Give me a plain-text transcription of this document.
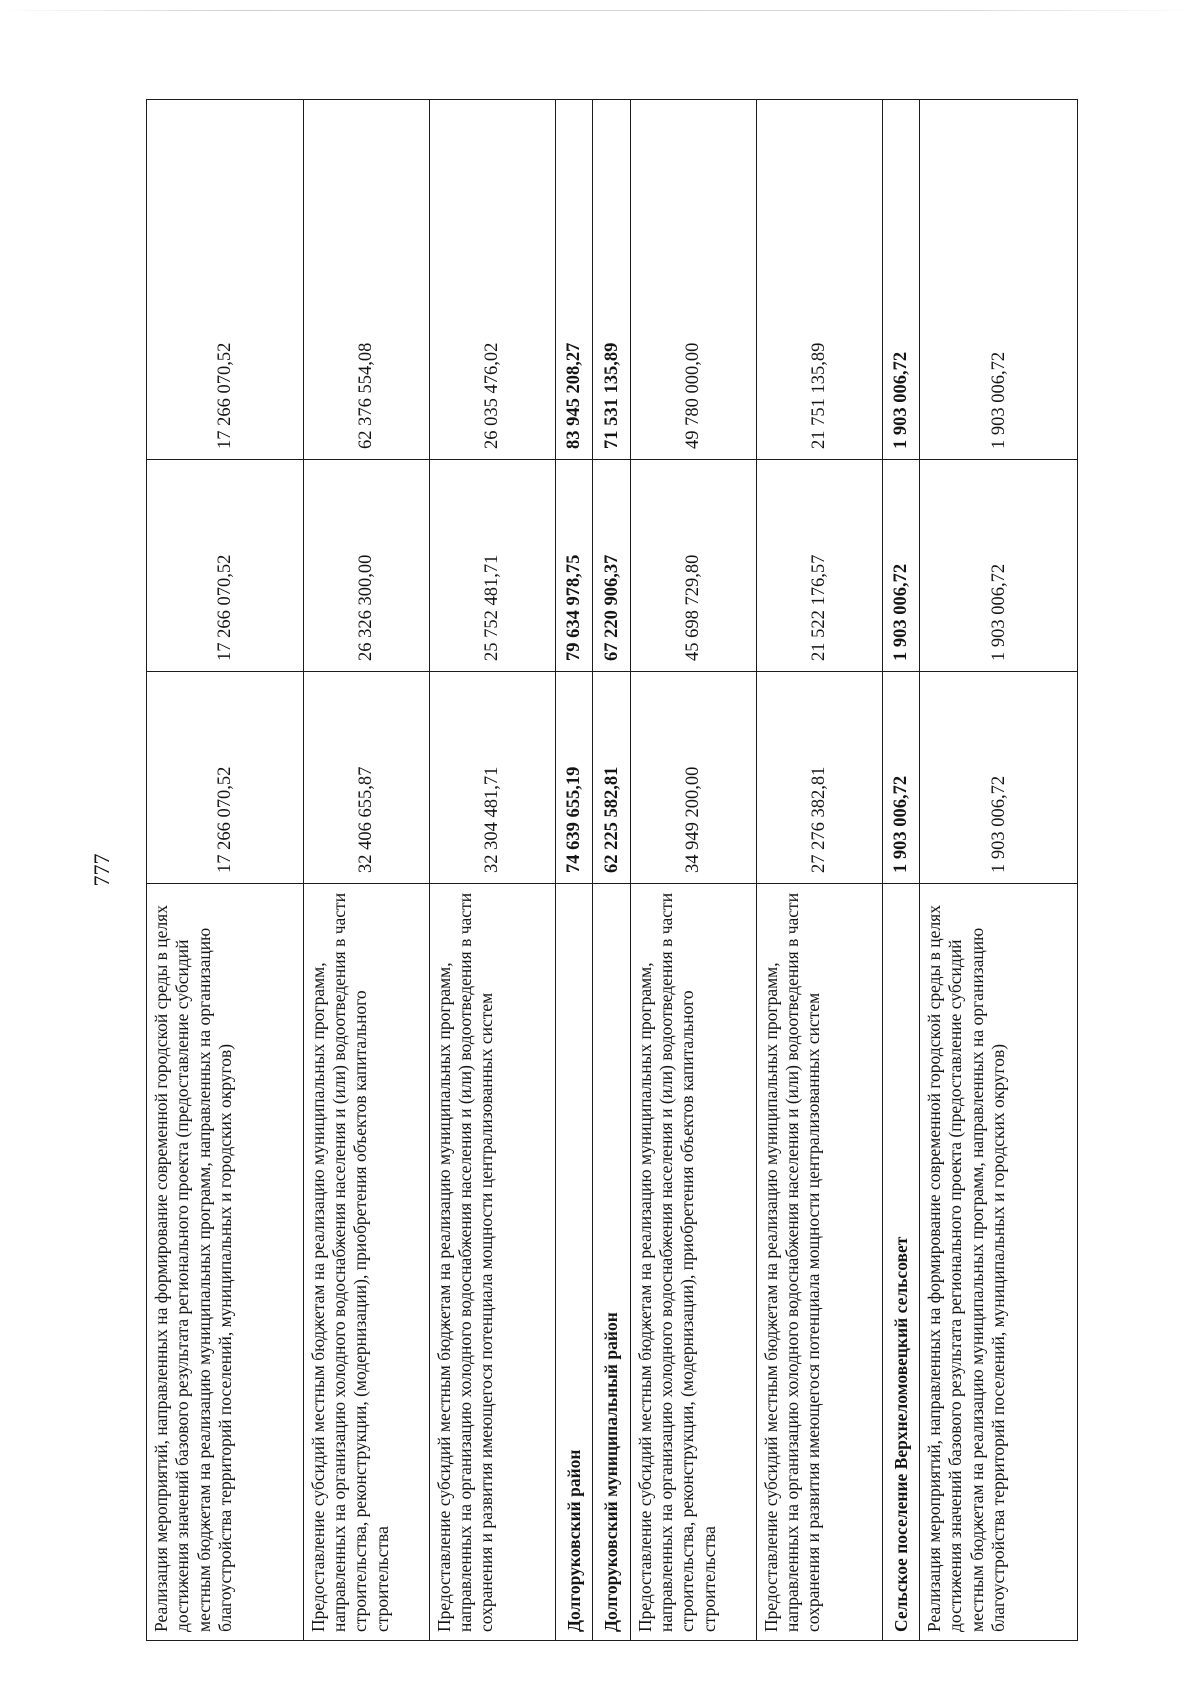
777
Реализация мероприятий, направленных на формирование современной городской среды в целях достижения значений базового результата регионального проекта (предоставление субсидий местным бюджетам на реализацию муниципальных программ, направленных на организацию благоустройства территорий поселений, муниципальных и городских округов)	17 266 070,52	17 266 070,52	17 266 070,52
Предоставление субсидий местным бюджетам на реализацию муниципальных программ, направленных на организацию холодного водоснабжения населения и (или) водоотведения в части строительства, реконструкции, (модернизации), приобретения объектов капитального строительства	32 406 655,87	26 326 300,00	62 376 554,08
Предоставление субсидий местным бюджетам на реализацию муниципальных программ, направленных на организацию холодного водоснабжения населения и (или) водоотведения в части сохранения и развития имеющегося потенциала мощности централизованных систем	32 304 481,71	25 752 481,71	26 035 476,02
Долгоруковский район	74 639 655,19	79 634 978,75	83 945 208,27
Долгоруковский муниципальный район	62 225 582,81	67 220 906,37	71 531 135,89
Предоставление субсидий местным бюджетам на реализацию муниципальных программ, направленных на организацию холодного водоснабжения населения и (или) водоотведения в части строительства, реконструкции, (модернизации), приобретения объектов капитального строительства	34 949 200,00	45 698 729,80	49 780 000,00
Предоставление субсидий местным бюджетам на реализацию муниципальных программ, направленных на организацию холодного водоснабжения населения и (или) водоотведения в части сохранения и развития имеющегося потенциала мощности централизованных систем	27 276 382,81	21 522 176,57	21 751 135,89
Сельское поселение Верхнеломовецкий сельсовет	1 903 006,72	1 903 006,72	1 903 006,72
Реализация мероприятий, направленных на формирование современной городской среды в целях достижения значений базового результата регионального проекта (предоставление субсидий местным бюджетам на реализацию муниципальных программ, направленных на организацию благоустройства территорий поселений, муниципальных и городских округов)	1 903 006,72	1 903 006,72	1 903 006,72
